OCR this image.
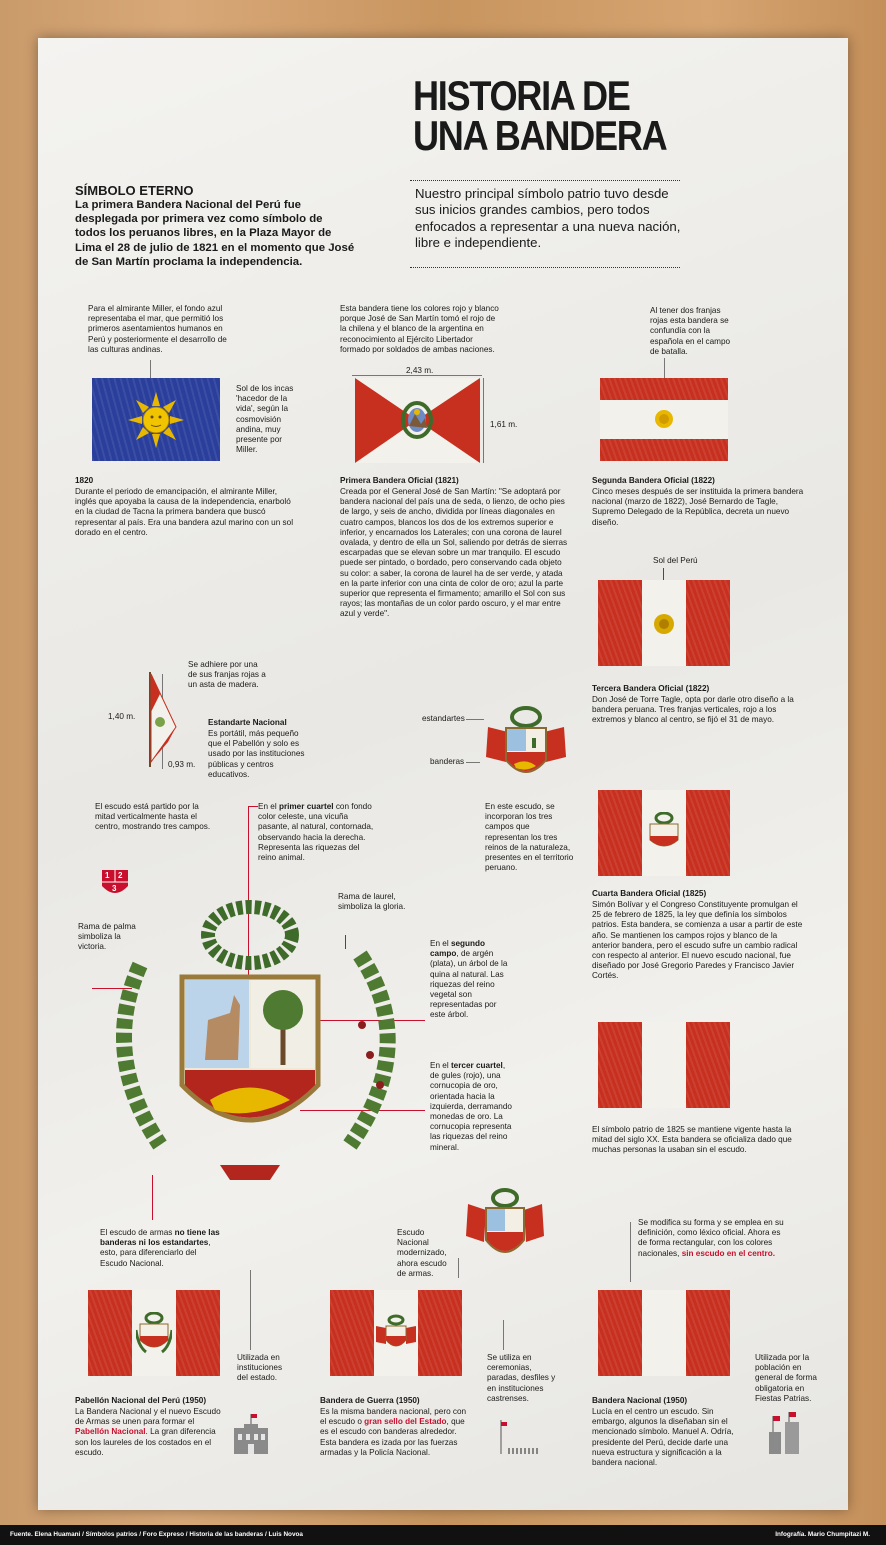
HISTORIA DE
UNA BANDERA
SÍMBOLO ETERNO
La primera Bandera Nacional del Perú fue desplegada por primera vez como símbolo de todos los peruanos libres, en la Plaza Mayor de Lima el 28 de julio de 1821 en el momento que José de San Martín proclama la independencia.
Nuestro principal símbolo patrio tuvo desde sus inicios grandes cambios, pero todos enfocados a representar a una nueva nación, libre e independiente.
Para el almirante Miller, el fondo azul representaba el mar, que permitió los primeros asentamientos humanos en Perú y posteriormente el desarrollo de las culturas andinas.
Sol de los incas 'hacedor de la vida', según la cosmovisión andina, muy presente por Miller.
1820
Durante el periodo de emancipación, el almirante Miller, inglés que apoyaba la causa de la independencia, enarboló en la ciudad de Tacna la primera bandera que buscó representar al país. Era una bandera azul marino con un sol dorado en el centro.
Esta bandera tiene los colores rojo y blanco porque José de San Martín tomó el rojo de la chilena y el blanco de la argentina en reconocimiento al Ejército Libertador formado por soldados de ambas naciones.
2,43 m.
1,61 m.
Primera Bandera Oficial (1821)
Creada por el General José de San Martín: "Se adoptará por bandera nacional del país una de seda, o lienzo, de ocho pies de largo, y seis de ancho, dividida por líneas diagonales en cuatro campos, blancos los dos de los extremos superior e inferior, y encarnados los Laterales; con una corona de laurel ovalada, y dentro de ella un Sol, saliendo por detrás de sierras escarpadas que se elevan sobre un mar tranquilo. El escudo puede ser pintado, o bordado, pero conservando cada objeto su color: a saber, la corona de laurel ha de ser verde, y atada en la parte inferior con una cinta de color de oro; azul la parte superior que representa el firmamento; amarillo el Sol con sus rayos; las montañas de un color pardo oscuro, y el mar entre azul y verde".
Al tener dos franjas rojas esta bandera se confundía con la española en el campo de batalla.
Segunda Bandera Oficial (1822)
Cinco meses después de ser instituida la primera bandera nacional (marzo de 1822), José Bernardo de Tagle, Supremo Delegado de la República, decreta un nuevo diseño.
Sol del Perú
Tercera Bandera Oficial (1822)
Don José de Torre Tagle, opta por darle otro diseño a la bandera peruana. Tres franjas verticales, rojo a los extremos y blanco al centro, se fijó el 31 de mayo.
Se adhiere por una de sus franjas rojas a un asta de madera.
1,40 m.
0,93 m.
Estandarte Nacional
Es portátil, más pequeño que el Pabellón y solo es usado por las instituciones públicas y centros educativos.
estandartes
banderas
En este escudo, se incorporan los tres campos que representan los tres reinos de la naturaleza, presentes en el territorio peruano.
Cuarta Bandera Oficial (1825)
Simón Bolívar y el Congreso Constituyente promulgan el 25 de febrero de 1825, la ley que definía los símbolos patrios. Esta bandera, se comienza a usar a partir de este año. Se mantienen los campos rojos y blanco de la anterior bandera, pero el escudo sufre un cambio radical con respecto al anterior. El nuevo escudo nacional, fue diseñado por José Gregorio Paredes y Francisco Javier Cortés.
El símbolo patrio de 1825 se mantiene vigente hasta la mitad del siglo XX. Esta bandera se oficializa dado que muchas personas la usaban sin el escudo.
El escudo está partido por la mitad verticalmente hasta el centro, mostrando tres campos.
1 2
3
En el primer cuartel con fondo color celeste, una vicuña pasante, al natural, contornada, observando hacia la derecha. Representa las riquezas del reino animal.
Rama de laurel, simboliza la gloria.
Rama de palma simboliza la victoria.	En el segundo campo, de argén (plata), un árbol de la quina al natural. Las riquezas del reino vegetal son representadas por este árbol.
En el tercer cuartel, de gules (rojo), una cornucopia de oro, orientada hacia la izquierda, derramando monedas de oro. La cornucopia representa las riquezas del reino mineral.
El escudo de armas no tiene las banderas ni los estandartes, esto, para diferenciarlo del Escudo Nacional.
Escudo Nacional modernizado, ahora escudo de armas.
Se modifica su forma y se emplea en su definición, como léxico oficial. Ahora es de forma rectangular, con los colores nacionales, sin escudo en el centro.
Utilizada en instituciones del estado.
Pabellón Nacional del Perú (1950)
La Bandera Nacional y el nuevo Escudo de Armas se unen para formar el Pabellón Nacional. La gran diferencia son los laureles de los costados en el escudo.
Se utiliza en ceremonias, paradas, desfiles y en instituciones castrenses.
Bandera de Guerra (1950)
Es la misma bandera nacional, pero con el escudo o gran sello del Estado, que es el escudo con banderas alrededor. Esta bandera es izada por las fuerzas armadas y la Policía Nacional.
Utilizada por la población en general de forma obligatoria en Fiestas Patrias.
Bandera Nacional (1950)
Lucía en el centro un escudo. Sin embargo, algunos la diseñaban sin el mencionado símbolo. Manuel A. Odría, presidente del Perú, decide darle una nueva estructura y significación a la bandera nacional.
Fuente. Elena Huamani / Símbolos patrios / Foro Expreso / Historia de las banderas / Luis Novoa	Infografía. Mario Chumpitazi M.
